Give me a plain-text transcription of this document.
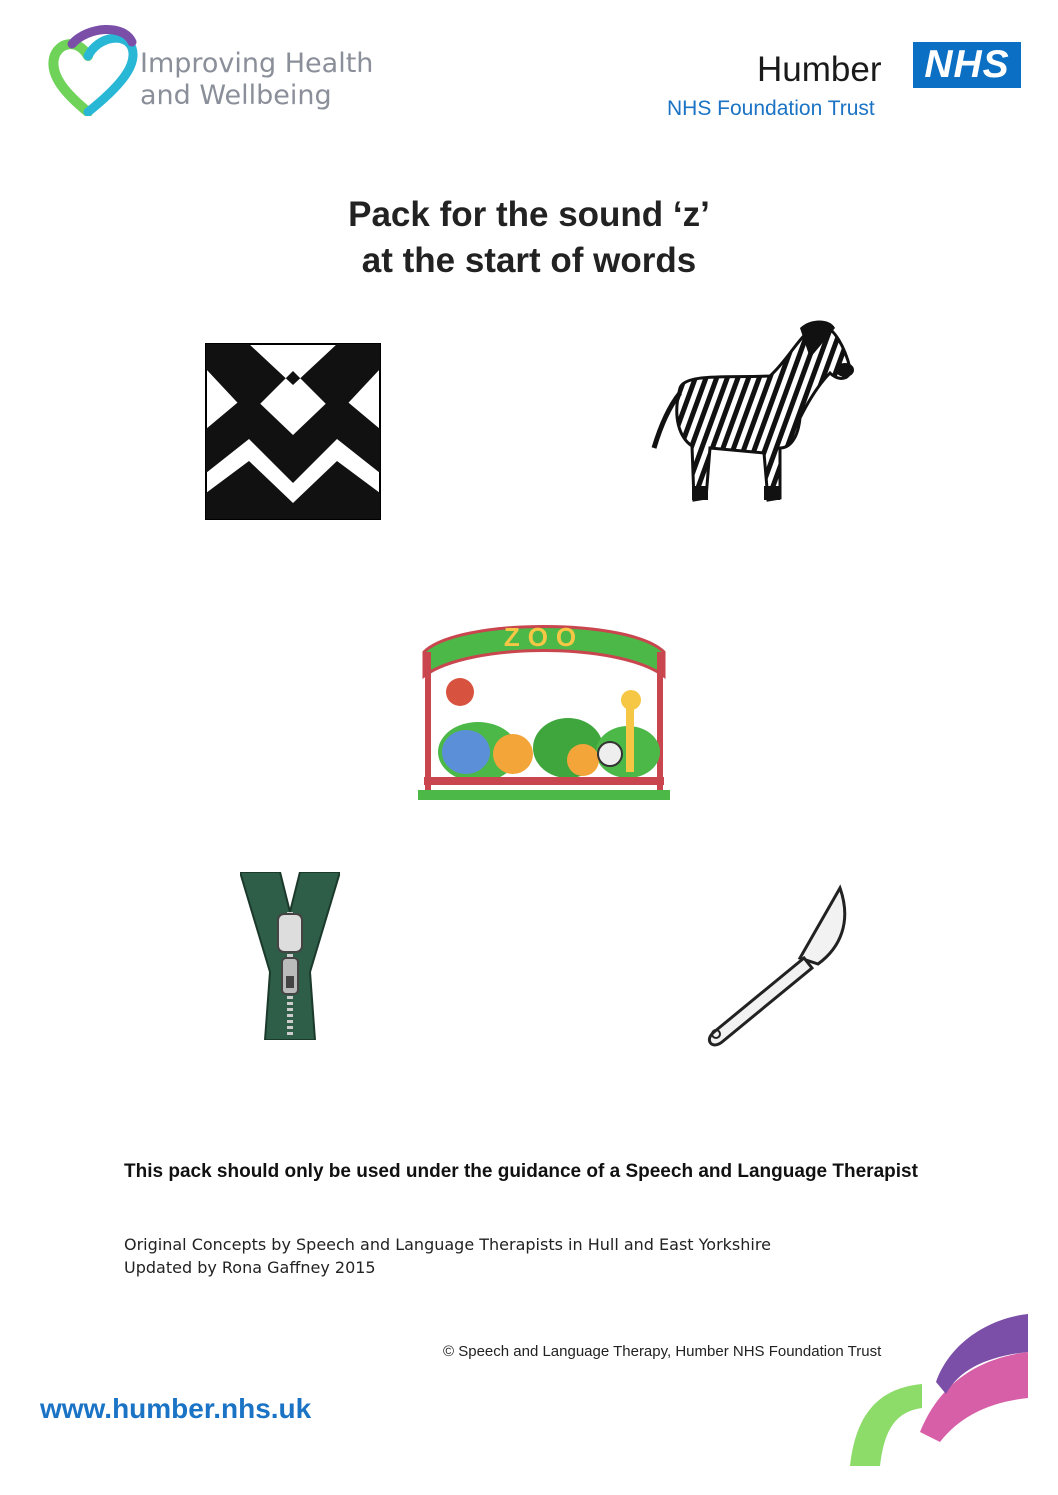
Improving Health
and Wellbeing
Humber NHS
NHS Foundation Trust
Pack for the sound ‘z’
at the start of words
ZOO
This pack should only be used under the guidance of a Speech and Language Therapist
Original Concepts by Speech and Language Therapists in Hull and East Yorkshire
Updated by Rona Gaffney 2015
© Speech and Language Therapy, Humber NHS Foundation Trust
www.humber.nhs.uk
